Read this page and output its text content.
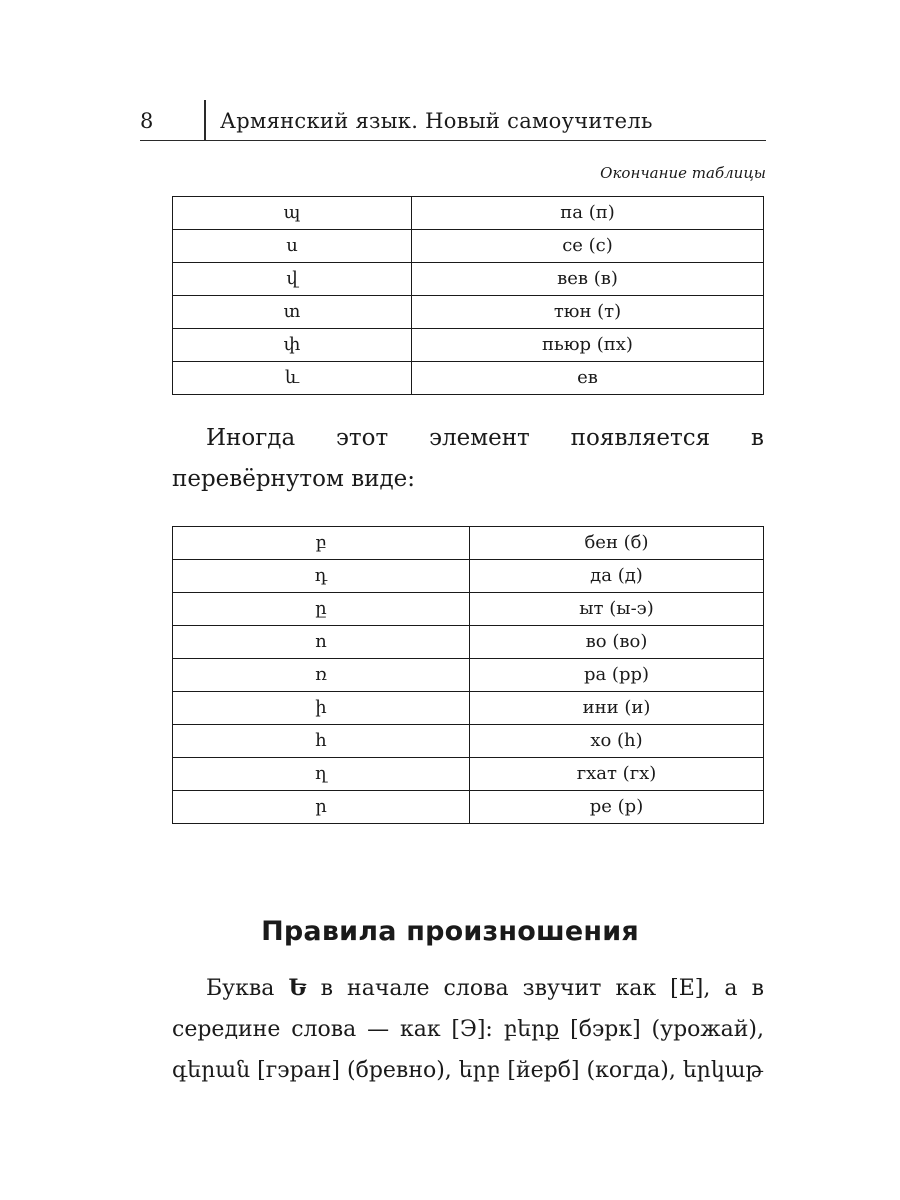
8	Армянский язык. Новый самоучитель
Окончание таблицы
պ	па (п)
ս	се (с)
վ	вев (в)
տ	тюн (т)
փ	пьюр (пх)
և	ев

Иногда этот элемент появляется в перевёрнутом виде:

բ	бен (б)
դ	да (д)
ը	ыт (ы-э)
ո	во (во)
ռ	ра (рр)
ի	ини (и)
հ	хо (h)
ղ	гхат (гх)
ր	ре (р)
Правила произношения

Буква Ե в начале слова звучит как [Е], а в середине слова — как [Э]: բերք [бэрк] (урожай), գերան [гэран] (бревно), երբ [йерб] (когда), երկաթ
